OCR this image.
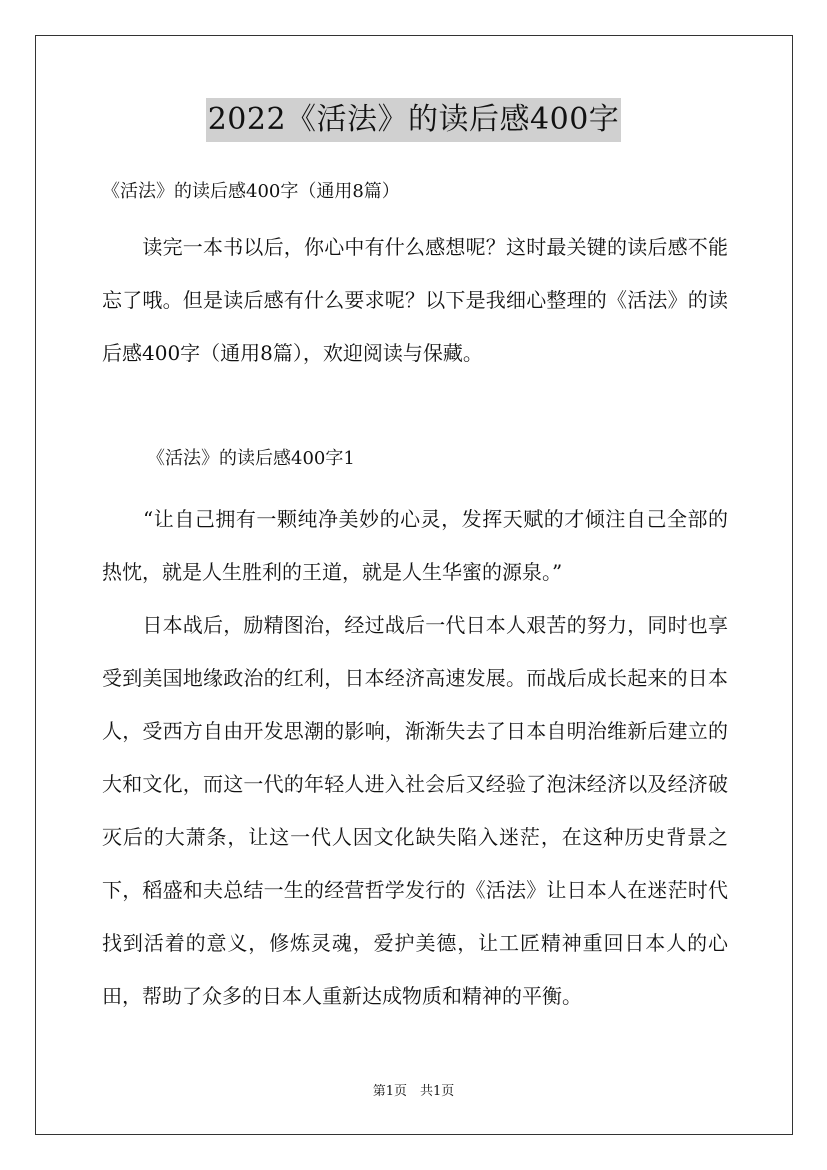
2022《活法》的读后感400字
《活法》的读后感400字（通用8篇）

　　读完一本书以后，你心中有什么感想呢？这时最关键的读后感不能忘了哦。但是读后感有什么要求呢？以下是我细心整理的《活法》的读后感400字（通用8篇），欢迎阅读与保藏。

《活法》的读后感400字1

　　“让自己拥有一颗纯净美妙的心灵，发挥天赋的才倾注自己全部的热忱，就是人生胜利的王道，就是人生华蜜的源泉。”

　　日本战后，励精图治，经过战后一代日本人艰苦的努力，同时也享受到美国地缘政治的红利，日本经济高速发展。而战后成长起来的日本人，受西方自由开发思潮的影响，渐渐失去了日本自明治维新后建立的大和文化，而这一代的年轻人进入社会后又经验了泡沫经济以及经济破灭后的大萧条，让这一代人因文化缺失陷入迷茫，在这种历史背景之下，稻盛和夫总结一生的经营哲学发行的《活法》让日本人在迷茫时代找到活着的意义，修炼灵魂，爱护美德，让工匠精神重回日本人的心田，帮助了众多的日本人重新达成物质和精神的平衡。

第1页　共1页
